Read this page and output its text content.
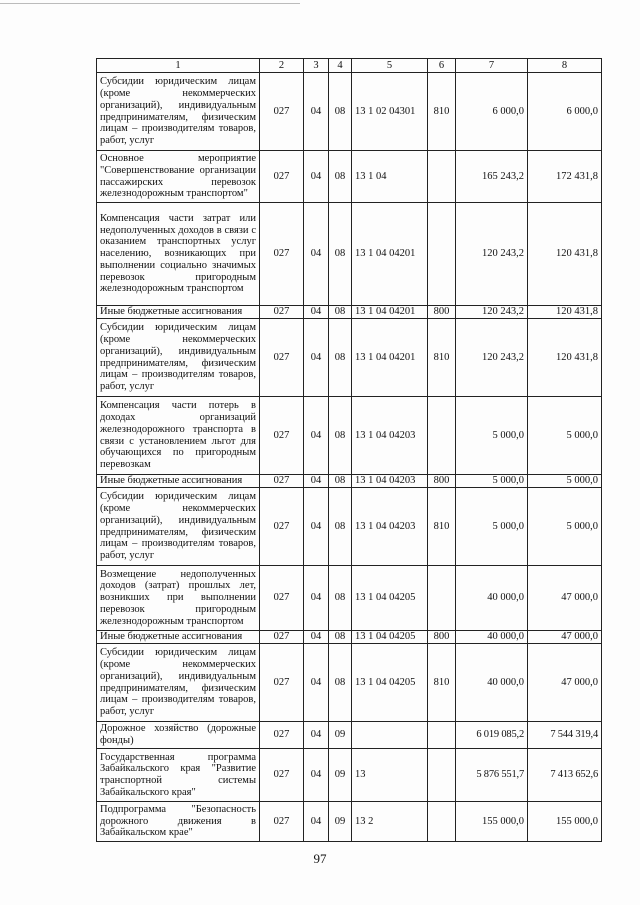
1	2	3	4	5	6	7	8
Субсидии юридическим лицам (кроме некоммерческих организаций), индивидуальным предпринимателям, физическим лицам – производителям товаров, работ, услуг	027	04	08	13 1 02 04301	810	6 000,0	6 000,0
Основное мероприятие "Совершенствование организации пассажирских перевозок железнодорожным транспортом"	027	04	08	13 1 04		165 243,2	172 431,8
Компенсация части затрат или недополученных доходов в связи с оказанием транспортных услуг населению, возникающих при выполнении социально значимых перевозок пригородным железнодорожным транспортом	027	04	08	13 1 04 04201		120 243,2	120 431,8
Иные бюджетные ассигнования	027	04	08	13 1 04 04201	800	120 243,2	120 431,8
Субсидии юридическим лицам (кроме некоммерческих организаций), индивидуальным предпринимателям, физическим лицам – производителям товаров, работ, услуг	027	04	08	13 1 04 04201	810	120 243,2	120 431,8
Компенсация части потерь в доходах организаций железнодорожного транспорта в связи с установлением льгот для обучающихся по пригородным перевозкам	027	04	08	13 1 04 04203		5 000,0	5 000,0
Иные бюджетные ассигнования	027	04	08	13 1 04 04203	800	5 000,0	5 000,0
Субсидии юридическим лицам (кроме некоммерческих организаций), индивидуальным предпринимателям, физическим лицам – производителям товаров, работ, услуг	027	04	08	13 1 04 04203	810	5 000,0	5 000,0
Возмещение недополученных доходов (затрат) прошлых лет, возникших при выполнении перевозок пригородным железнодорожным транспортом	027	04	08	13 1 04 04205		40 000,0	47 000,0
Иные бюджетные ассигнования	027	04	08	13 1 04 04205	800	40 000,0	47 000,0
Субсидии юридическим лицам (кроме некоммерческих организаций), индивидуальным предпринимателям, физическим лицам – производителям товаров, работ, услуг	027	04	08	13 1 04 04205	810	40 000,0	47 000,0
Дорожное хозяйство (дорожные фонды)	027	04	09			6 019 085,2	7 544 319,4
Государственная программа Забайкальского края "Развитие транспортной системы Забайкальского края"	027	04	09	13		5 876 551,7	7 413 652,6
Подпрограмма "Безопасность дорожного движения в Забайкальском крае"	027	04	09	13 2		155 000,0	155 000,0
97
